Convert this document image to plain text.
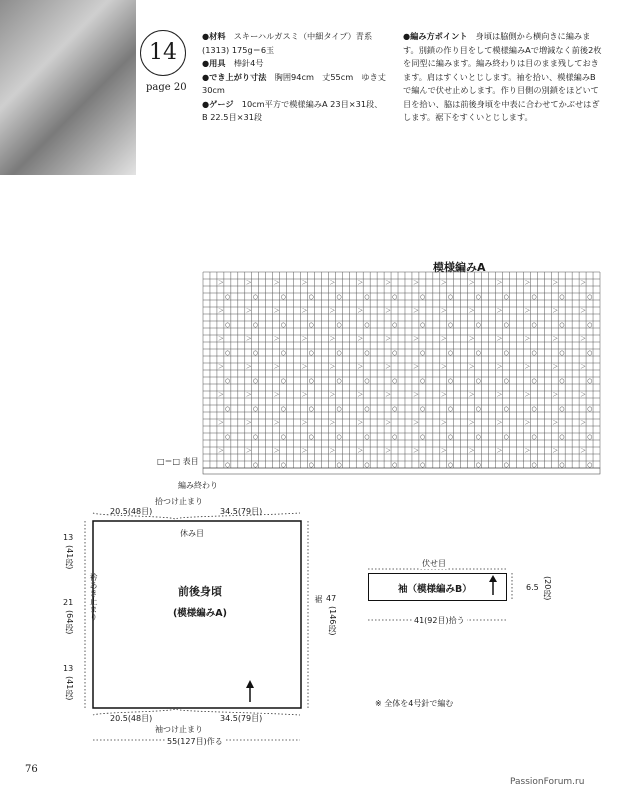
14
page 20
●材料　 スキーハルガスミ（中細タイプ）青系(1313) 175g＝6玉
●用具　 棒針4号
●でき上がり寸法　 胸囲94cm　丈55cm　ゆき丈30cm
●ゲージ　 10cm平方で模様編みA 23目×31段、B 22.5目×31段
●編み方ポイント　 身頃は脇側から横向きに編みます。別鎖の作り目をして模様編みAで増減なく前後2枚を同型に編みます。編み終わりは目のまま残しておきます。肩はすくいとじします。袖を拾い、模様編みBで編んで伏せ止めします。作り目側の別鎖をほどいて目を拾い、脇は前後身頃を中表に合わせてかぶせはぎします。裾下をすくいとじします。
模様編みA
＞	＞	＞	＞	＞	＞	＞	＞	＞	＞	＞	＞	＞	＞
○	○	○	○	○	○	○	○	○	○	○	○	○	○
＞	＞	＞	＞	＞	＞	＞	＞	＞	＞	＞	＞	＞	＞
○	○	○	○	○	○	○	○	○	○	○	○	○	○
＞	＞	＞	＞	＞	＞	＞	＞	＞	＞	＞	＞	＞	＞
○	○	○	○	○	○	○	○	○	○	○	○	○	○
＞	＞	＞	＞	＞	＞	＞	＞	＞	＞	＞	＞	＞	＞
○	○	○	○	○	○	○	○	○	○	○	○	○	○
＞	＞	＞	＞	＞	＞	＞	＞	＞	＞	＞	＞	＞	＞
○	○	○	○	○	○	○	○	○	○	○	○	○	○
＞	＞	＞	＞	＞	＞	＞	＞	＞	＞	＞	＞	＞	＞
○	○	○	○	○	○	○	○	○	○	○	○	○	○
＞	＞	＞	＞	＞	＞	＞	＞	＞	＞	＞	＞	＞	＞
○	○	○	○	○	○	○	○	○	○	○	○	○	○
□＝□ 表目
編み終わり
20.5(48目)	34.5(79目)
拾つけ止まり
休み目
20.5(48目)	34.5(79目)
袖つけ止まり
55(127目)作る
13
(41段)
21
(64段)
衿あき止まり
13
(41段)
裾 47
(146段)
前後身頃
(模様編みA)
伏せ目
袖（模様編みB）	6.5 (20段)
41(92目)拾う
※ 全体を4号針で編む
76
PassionForum.ru
